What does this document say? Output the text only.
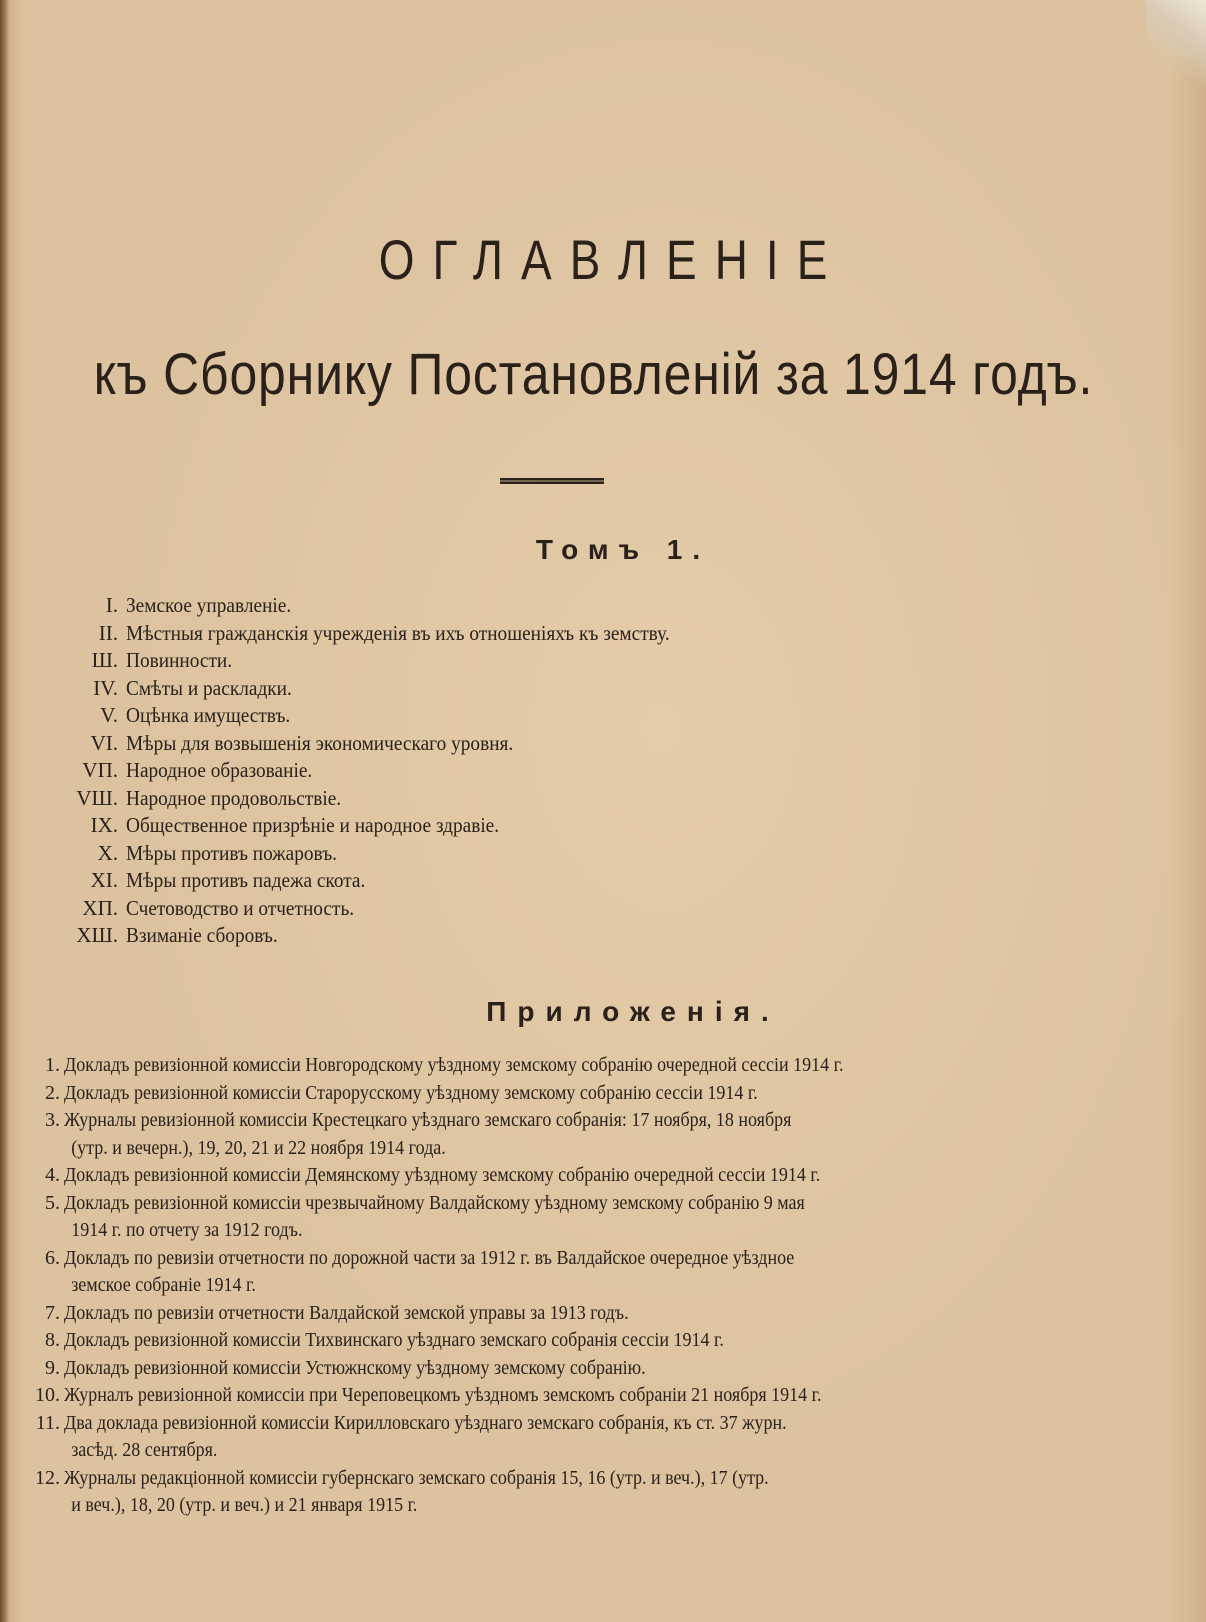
ОГЛАВЛЕНІЕ
къ Сборнику Постановленій за 1914 годъ.
Томъ 1.
I. Земское управленіе.
II. Мѣстныя гражданскія учрежденія въ ихъ отношеніяхъ къ земству.
Ш. Повинности.
IV. Смѣты и раскладки.
V. Оцѣнка имуществъ.
VI. Мѣры для возвышенія экономическаго уровня.
VП. Народное образованіе.
VШ. Народное продовольствіе.
IX. Общественное призрѣніе и народное здравіе.
X. Мѣры противъ пожаровъ.
XI. Мѣры противъ падежа скота.
XП. Счетоводство и отчетность.
XШ. Взиманіе сборовъ.
Приложенія.
1. Докладъ ревизіонной комиссіи Новгородскому уѣздному земскому собранію очередной сессіи 1914 г.
2. Докладъ ревизіонной комиссіи Старорусскому уѣздному земскому собранію сессіи 1914 г.
3. Журналы ревизіонной комиссіи Крестецкаго уѣзднаго земскаго собранія: 17 ноября, 18 ноября
(утр. и вечерн.), 19, 20, 21 и 22 ноября 1914 года.
4. Докладъ ревизіонной комиссіи Демянскому уѣздному земскому собранію очередной сессіи 1914 г.
5. Докладъ ревизіонной комиссіи чрезвычайному Валдайскому уѣздному земскому собранію 9 мая
1914 г. по отчету за 1912 годъ.
6. Докладъ по ревизіи отчетности по дорожной части за 1912 г. въ Валдайское очередное уѣздное
земское собраніе 1914 г.
7. Докладъ по ревизіи отчетности Валдайской земской управы за 1913 годъ.
8. Докладъ ревизіонной комиссіи Тихвинскаго уѣзднаго земскаго собранія сессіи 1914 г.
9. Докладъ ревизіонной комиссіи Устюжнскому уѣздному земскому собранію.
10. Журналъ ревизіонной комиссіи при Череповецкомъ уѣздномъ земскомъ собраніи 21 ноября 1914 г.
11. Два доклада ревизіонной комиссіи Кирилловскаго уѣзднаго земскаго собранія, къ ст. 37 журн.
засѣд. 28 сентября.
12. Журналы редакціонной комиссіи губернскаго земскаго собранія 15, 16 (утр. и веч.), 17 (утр.
и веч.), 18, 20 (утр. и веч.) и 21 января 1915 г.
